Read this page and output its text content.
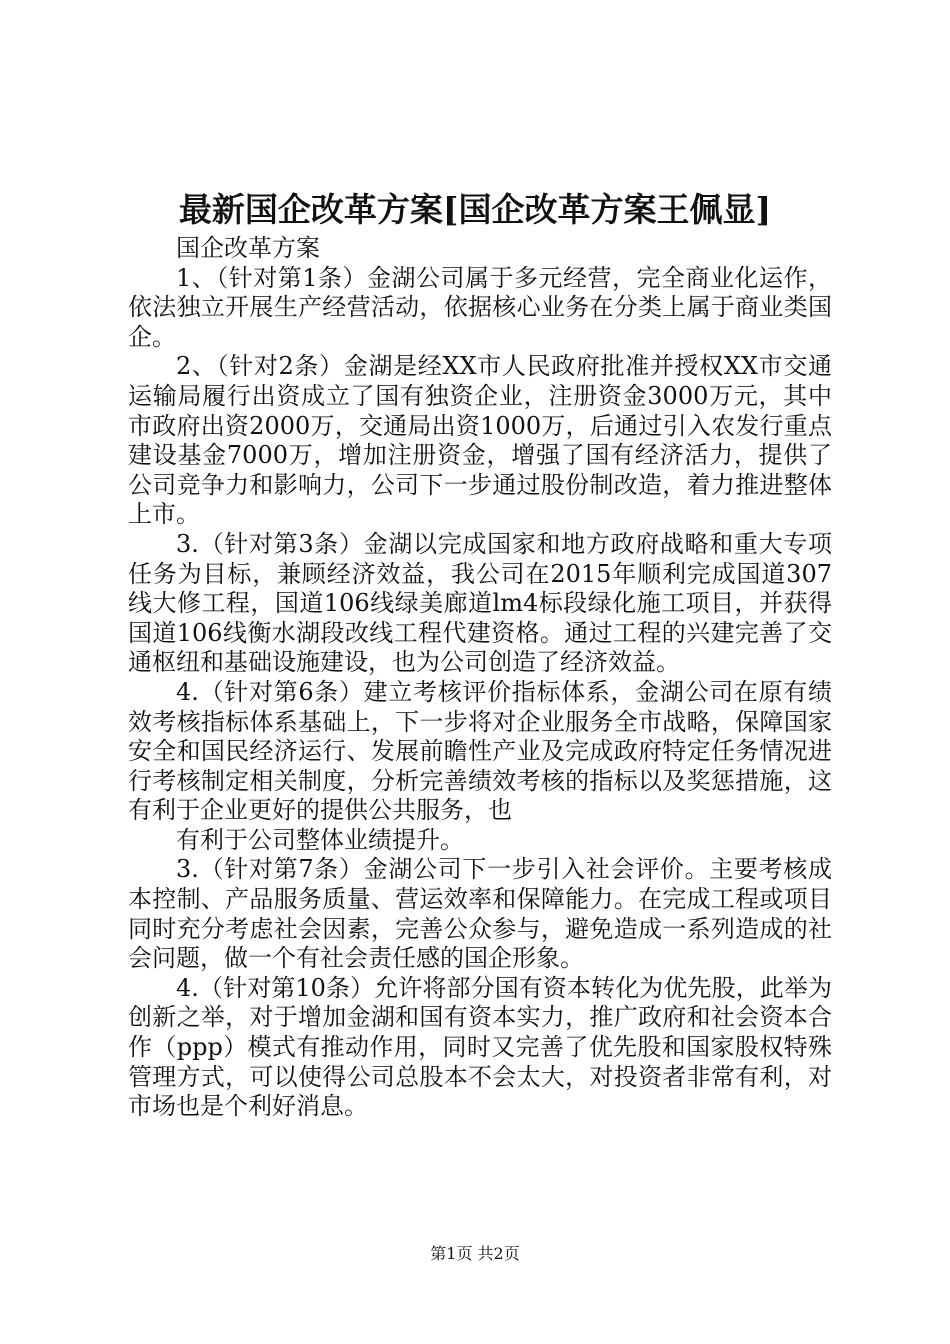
最新国企改革方案[国企改革方案王佩显]

国企改革方案

1、（针对第1条）金湖公司属于多元经营，完全商业化运作，依法独立开展生产经营活动，依据核心业务在分类上属于商业类国企。

2、（针对2条）金湖是经XX市人民政府批准并授权XX市交通运输局履行出资成立了国有独资企业，注册资金3000万元，其中市政府出资2000万，交通局出资1000万，后通过引入农发行重点建设基金7000万，增加注册资金，增强了国有经济活力，提供了公司竞争力和影响力，公司下一步通过股份制改造，着力推进整体上市。

3.（针对第3条）金湖以完成国家和地方政府战略和重大专项任务为目标，兼顾经济效益，我公司在2015年顺利完成国道307线大修工程，国道106线绿美廊道lm4标段绿化施工项目，并获得国道106线衡水湖段改线工程代建资格。通过工程的兴建完善了交通枢纽和基础设施建设，也为公司创造了经济效益。

4.（针对第6条）建立考核评价指标体系，金湖公司在原有绩效考核指标体系基础上，下一步将对企业服务全市战略，保障国家安全和国民经济运行、发展前瞻性产业及完成政府特定任务情况进行考核制定相关制度，分析完善绩效考核的指标以及奖惩措施，这有利于企业更好的提供公共服务，也

有利于公司整体业绩提升。

3.（针对第7条）金湖公司下一步引入社会评价。主要考核成本控制、产品服务质量、营运效率和保障能力。在完成工程或项目同时充分考虑社会因素，完善公众参与，避免造成一系列造成的社会问题，做一个有社会责任感的国企形象。

4.（针对第10条）允许将部分国有资本转化为优先股，此举为创新之举，对于增加金湖和国有资本实力，推广政府和社会资本合作（ppp）模式有推动作用，同时又完善了优先股和国家股权特殊管理方式，可以使得公司总股本不会太大，对投资者非常有利，对市场也是个利好消息。

第1页 共2页
